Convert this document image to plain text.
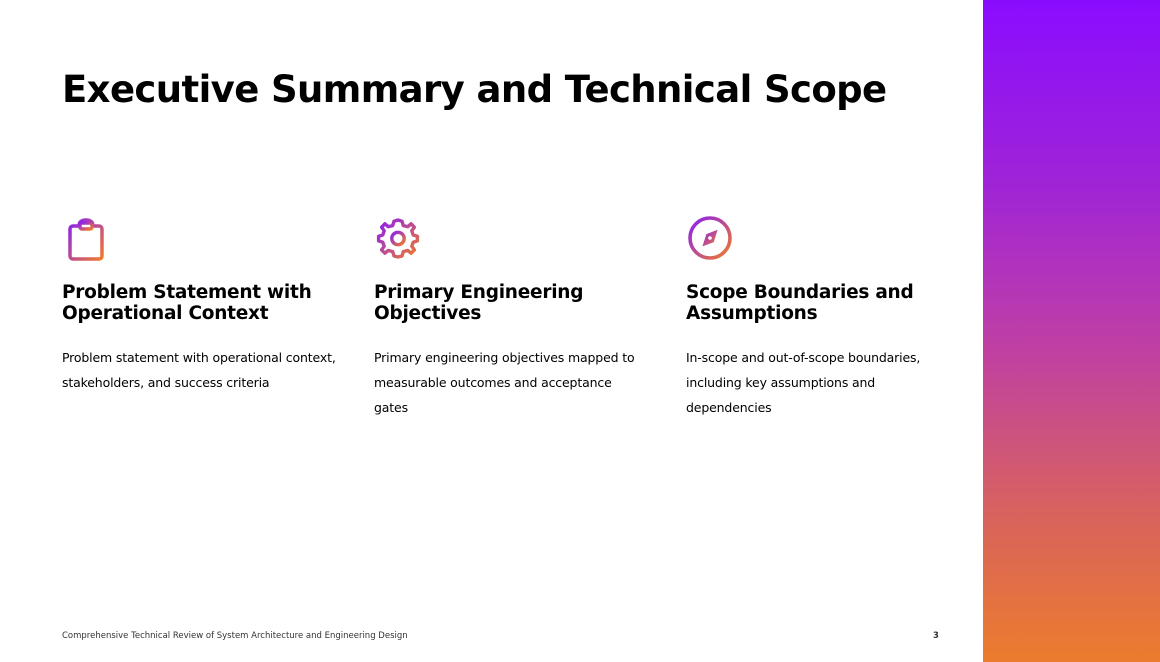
Executive Summary and Technical Scope
Problem Statement with Operational Context

Problem statement with operational context, stakeholders, and success criteria

Primary Engineering Objectives

Primary engineering objectives mapped to measurable outcomes and acceptance gates

Scope Boundaries and Assumptions

In-scope and out-of-scope boundaries, including key assumptions and dependencies

Comprehensive Technical Review of System Architecture and Engineering Design	3
